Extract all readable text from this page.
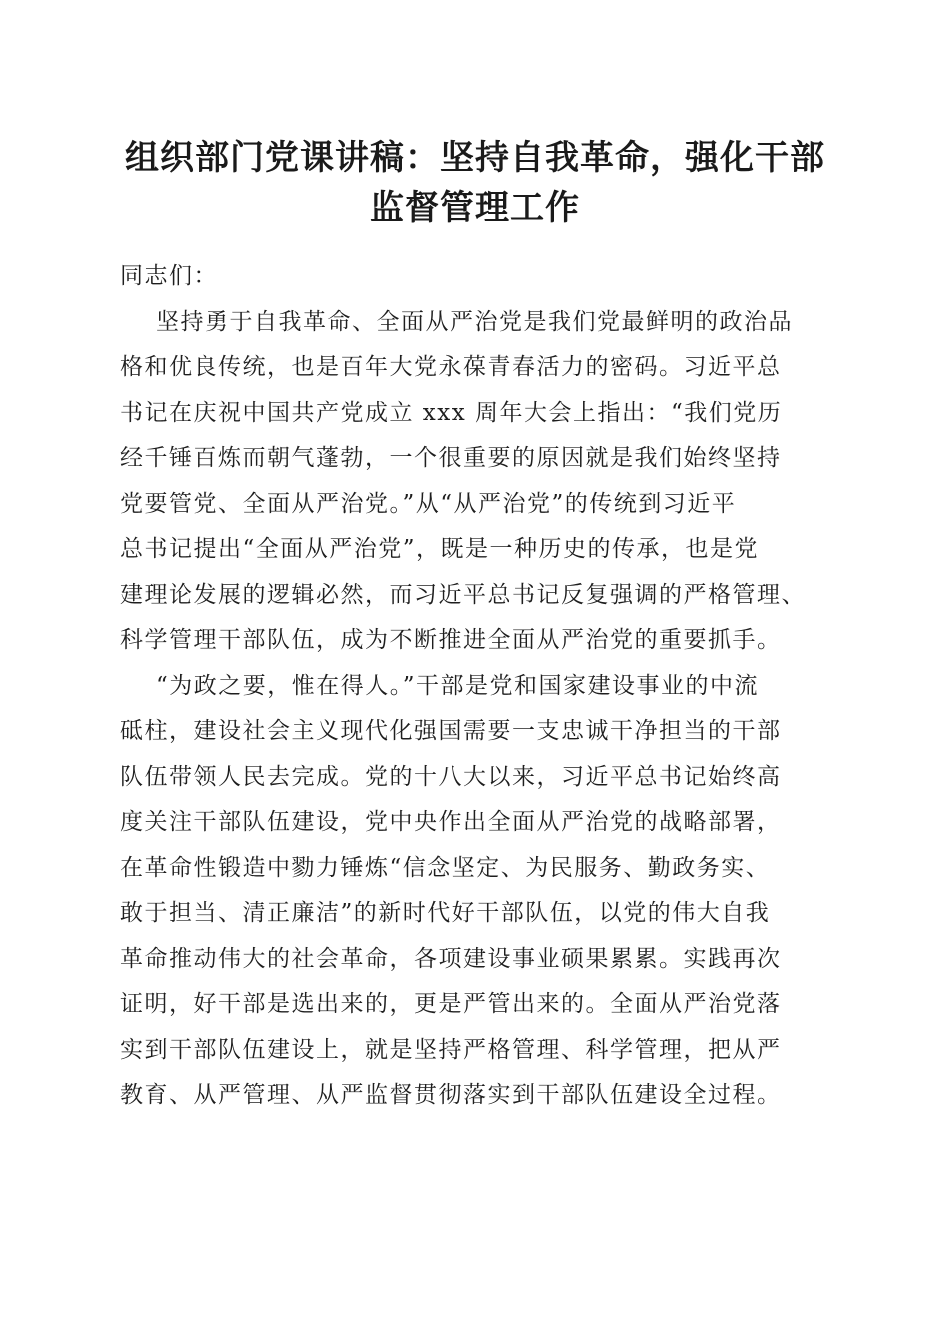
组织部门党课讲稿：坚持自我革命，强化干部
监督管理工作
同志们：
坚持勇于自我革命、全面从严治党是我们党最鲜明的政治品
格和优良传统，也是百年大党永葆青春活力的密码。习近平总
书记在庆祝中国共产党成立 xxx 周年大会上指出：“我们党历
经千锤百炼而朝气蓬勃，一个很重要的原因就是我们始终坚持
党要管党、全面从严治党。”从“从严治党”的传统到习近平
总书记提出“全面从严治党”，既是一种历史的传承，也是党
建理论发展的逻辑必然，而习近平总书记反复强调的严格管理、
科学管理干部队伍，成为不断推进全面从严治党的重要抓手。
“为政之要，惟在得人。”干部是党和国家建设事业的中流
砥柱，建设社会主义现代化强国需要一支忠诚干净担当的干部
队伍带领人民去完成。党的十八大以来，习近平总书记始终高
度关注干部队伍建设，党中央作出全面从严治党的战略部署，
在革命性锻造中勠力锤炼“信念坚定、为民服务、勤政务实、
敢于担当、清正廉洁”的新时代好干部队伍，以党的伟大自我
革命推动伟大的社会革命，各项建设事业硕果累累。实践再次
证明，好干部是选出来的，更是严管出来的。全面从严治党落
实到干部队伍建设上，就是坚持严格管理、科学管理，把从严
教育、从严管理、从严监督贯彻落实到干部队伍建设全过程。
